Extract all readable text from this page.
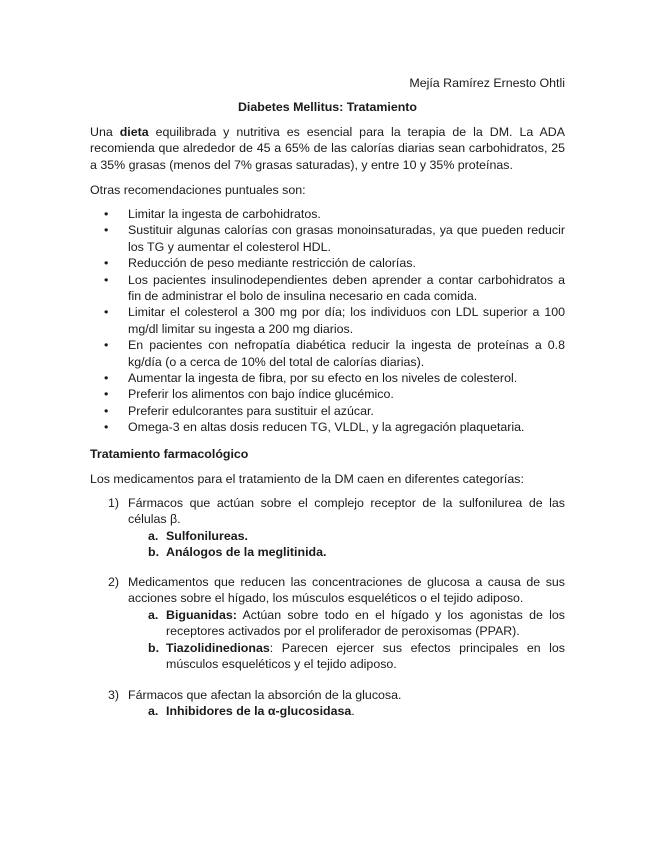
Mejía Ramírez Ernesto Ohtli
Diabetes Mellitus: Tratamiento
Una dieta equilibrada y nutritiva es esencial para la terapia de la DM. La ADA recomienda que alrededor de 45 a 65% de las calorías diarias sean carbohidratos, 25 a 35% grasas (menos del 7% grasas saturadas), y entre 10 y 35% proteínas.
Otras recomendaciones puntuales son:
• Limitar la ingesta de carbohidratos.
• Sustituir algunas calorías con grasas monoinsaturadas, ya que pueden reducir los TG y aumentar el colesterol HDL.
• Reducción de peso mediante restricción de calorías.
• Los pacientes insulinodependientes deben aprender a contar carbohidratos a fin de administrar el bolo de insulina necesario en cada comida.
• Limitar el colesterol a 300 mg por día; los individuos con LDL superior a 100 mg/dl limitar su ingesta a 200 mg diarios.
• En pacientes con nefropatía diabética reducir la ingesta de proteínas a 0.8 kg/día (o a cerca de 10% del total de calorías diarias).
• Aumentar la ingesta de fibra, por su efecto en los niveles de colesterol.
• Preferir los alimentos con bajo índice glucémico.
• Preferir edulcorantes para sustituir el azúcar.
• Omega-3 en altas dosis reducen TG, VLDL, y la agregación plaquetaria.
Tratamiento farmacológico
Los medicamentos para el tratamiento de la DM caen en diferentes categorías:
1) Fármacos que actúan sobre el complejo receptor de la sulfonilurea de las células β.
a. Sulfonilureas.
b. Análogos de la meglitinida.
2) Medicamentos que reducen las concentraciones de glucosa a causa de sus acciones sobre el hígado, los músculos esqueléticos o el tejido adiposo.
a. Biguanidas: Actúan sobre todo en el hígado y los agonistas de los receptores activados por el proliferador de peroxisomas (PPAR).
b. Tiazolidinedionas: Parecen ejercer sus efectos principales en los músculos esqueléticos y el tejido adiposo.
3) Fármacos que afectan la absorción de la glucosa.
a. Inhibidores de la α-glucosidasa.
